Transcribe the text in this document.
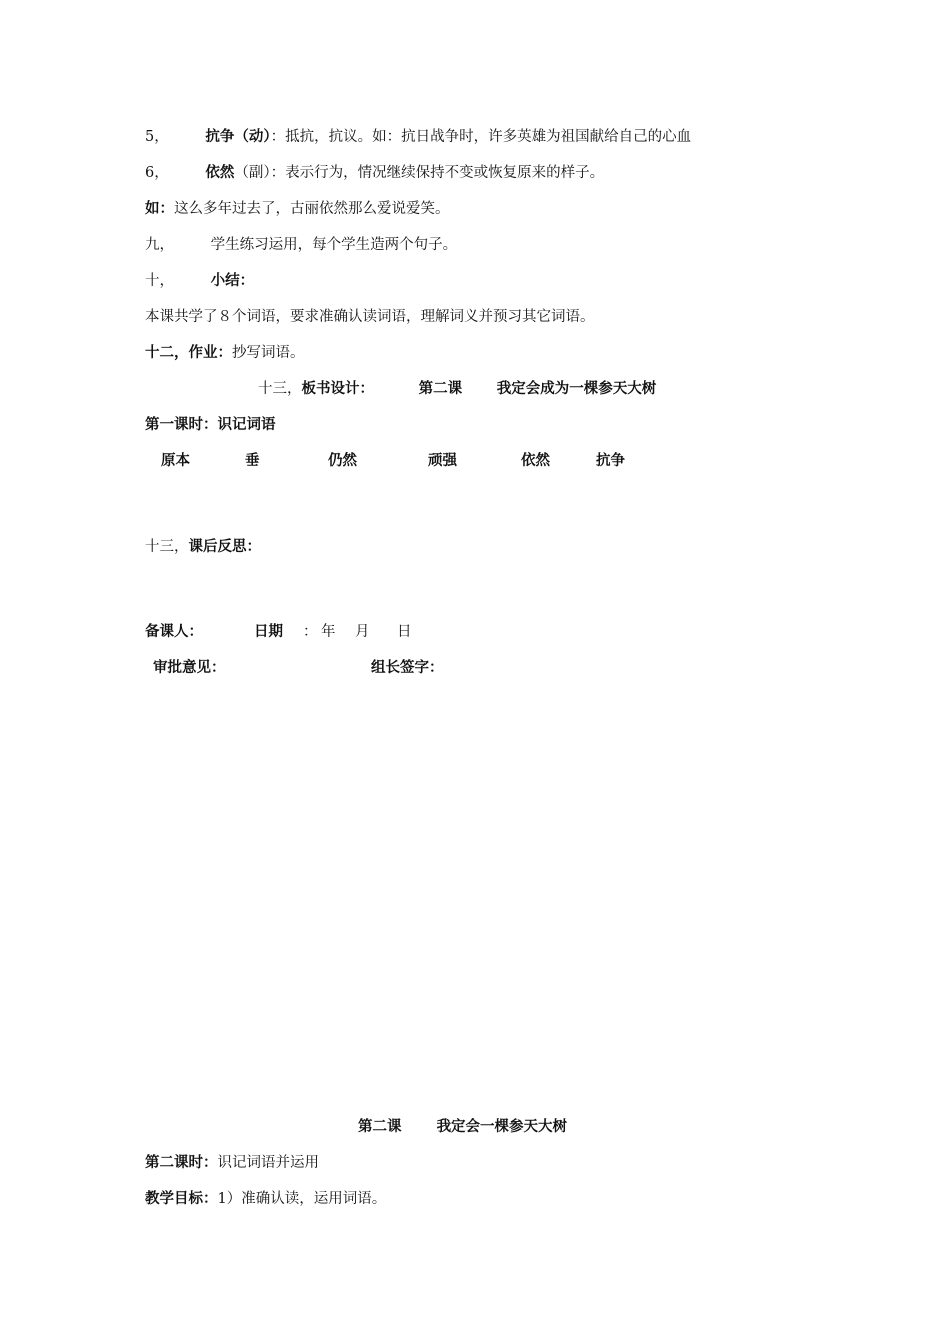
5，	抗争（动）：抵抗，抗议。如：抗日战争时，许多英雄为祖国献给自己的心血
6，	依然（副）：表示行为，情况继续保持不变或恢复原来的样子。
如：这么多年过去了，古丽依然那么爱说爱笑。
九，	学生练习运用，每个学生造两个句子。
十，	小结：
本课共学了８个词语，要求准确认读词语，理解词义并预习其它词语。
十二，作业：抄写词语。
十三，板书设计：	第二课 我定会成为一棵参天大树
第一课时：识记词语
原本	垂	仍然	顽强	依然	抗争
十三，课后反思：
备课人：	日期 ： 年 月 日
审批意见：	组长签字：
第二课 我定会一棵参天大树
第二课时：识记词语并运用
教学目标：1）准确认读，运用词语。
